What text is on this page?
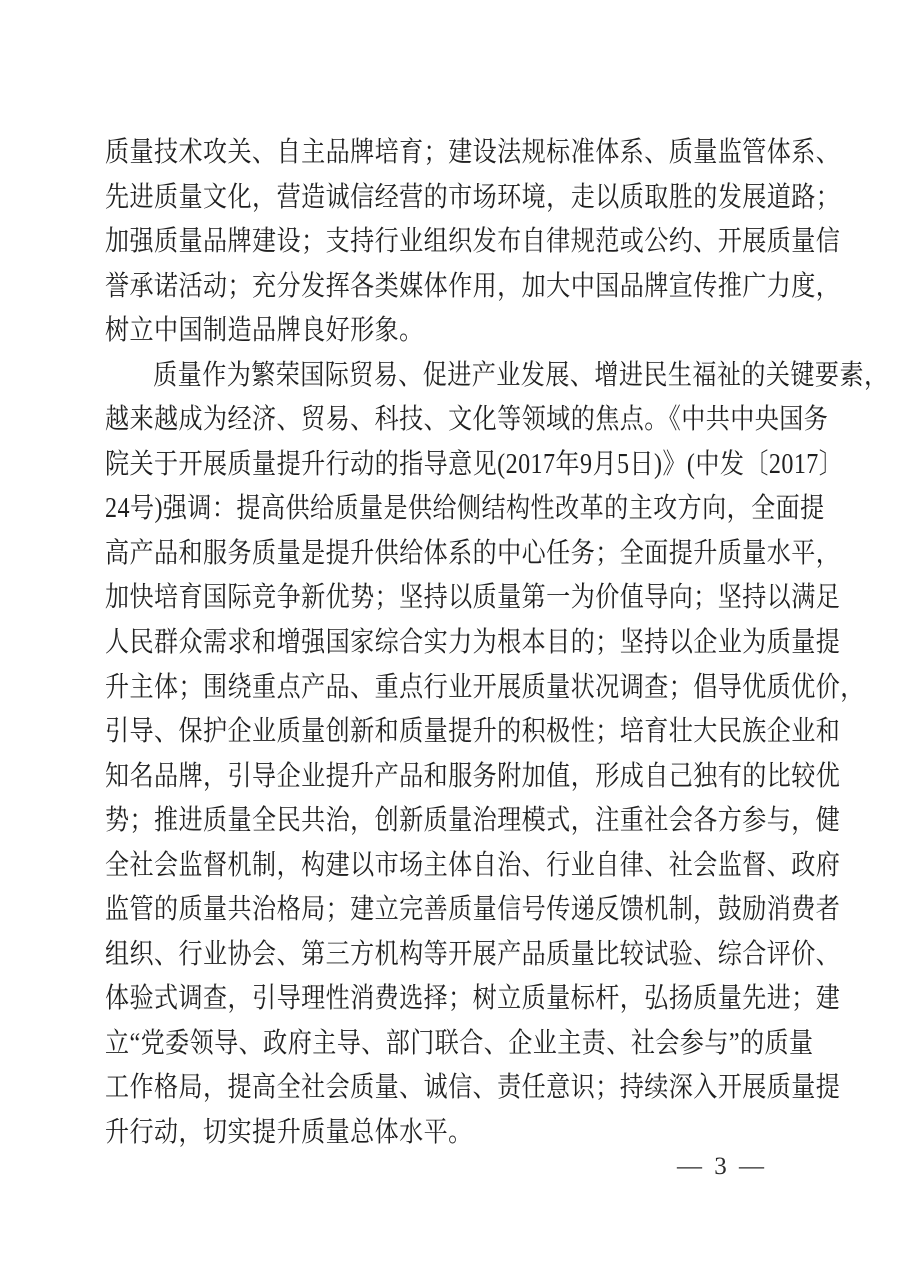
质量技术攻关、自主品牌培育；建设法规标准体系、质量监管体系、
先进质量文化，营造诚信经营的市场环境，走以质取胜的发展道路；
加强质量品牌建设；支持行业组织发布自律规范或公约、开展质量信
誉承诺活动；充分发挥各类媒体作用，加大中国品牌宣传推广力度，
树立中国制造品牌良好形象。
质量作为繁荣国际贸易、促进产业发展、增进民生福祉的关键要素，
越来越成为经济、贸易、科技、文化等领域的焦点。《中共中央国务
院关于开展质量提升行动的指导意见(2017年9月5日)》(中发〔2017〕
24号)强调：提高供给质量是供给侧结构性改革的主攻方向，全面提
高产品和服务质量是提升供给体系的中心任务；全面提升质量水平，
加快培育国际竞争新优势；坚持以质量第一为价值导向；坚持以满足
人民群众需求和增强国家综合实力为根本目的；坚持以企业为质量提
升主体；围绕重点产品、重点行业开展质量状况调查；倡导优质优价，
引导、保护企业质量创新和质量提升的积极性；培育壮大民族企业和
知名品牌，引导企业提升产品和服务附加值，形成自己独有的比较优
势；推进质量全民共治，创新质量治理模式，注重社会各方参与，健
全社会监督机制，构建以市场主体自治、行业自律、社会监督、政府
监管的质量共治格局；建立完善质量信号传递反馈机制，鼓励消费者
组织、行业协会、第三方机构等开展产品质量比较试验、综合评价、
体验式调查，引导理性消费选择；树立质量标杆，弘扬质量先进；建
立“党委领导、政府主导、部门联合、企业主责、社会参与”的质量
工作格局，提高全社会质量、诚信、责任意识；持续深入开展质量提
升行动，切实提升质量总体水平。
— 3 —
